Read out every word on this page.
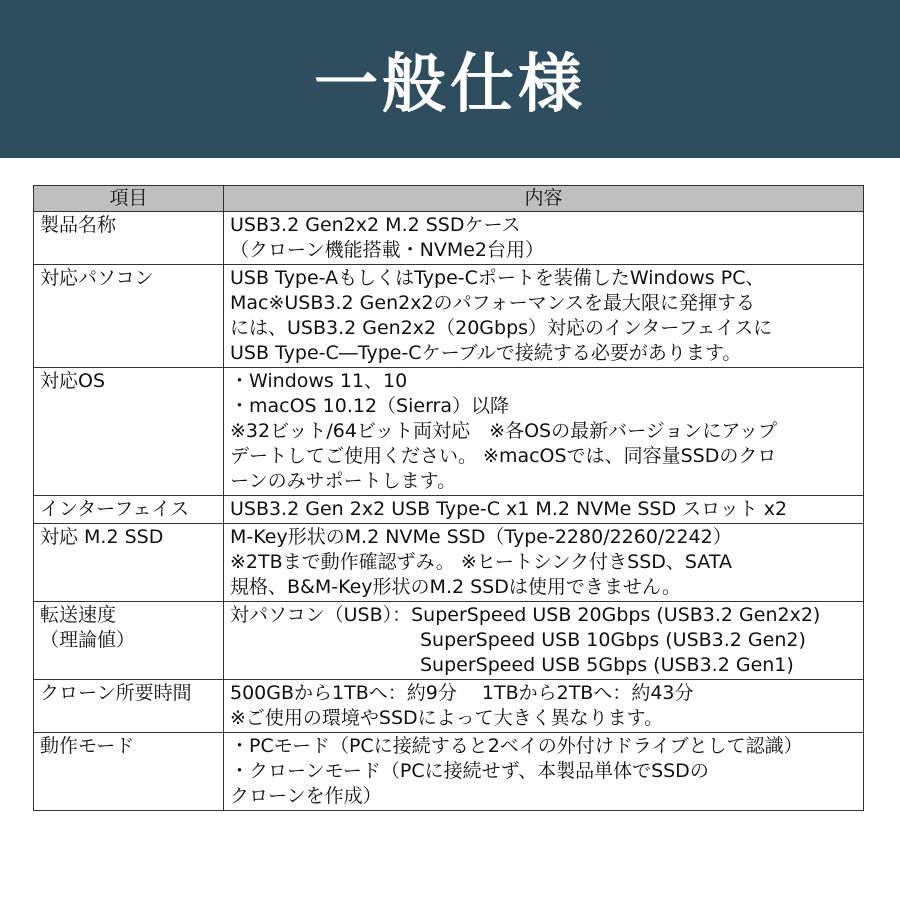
一般仕様
項目	内容

製品名称	USB3.2 Gen2x2 M.2 SSDケース
（クローン機能搭載・NVMe2台用）

対応パソコン	USB Type-AもしくはType-Cポートを装備したWindows PC、
Mac※USB3.2 Gen2x2のパフォーマンスを最大限に発揮する
には、USB3.2 Gen2x2（20Gbps）対応のインターフェイスに
USB Type-C―Type-Cケーブルで接続する必要があります。

対応OS	・Windows 11、10
・macOS 10.12（Sierra）以降
※32ビット/64ビット両対応　※各OSの最新バージョンにアップ
デートしてご使用ください。 ※macOSでは、同容量SSDのクロ
ーンのみサポートします。

インターフェイス	USB3.2 Gen 2x2 USB Type-C x1 M.2 NVMe SSD スロット x2

対応 M.2 SSD	M-Key形状のM.2 NVMe SSD（Type-2280/2260/2242）
※2TBまで動作確認ずみ。 ※ヒートシンク付きSSD、SATA
規格、B&M-Key形状のM.2 SSDは使用できません。

転送速度
（理論値）	対パソコン（USB）：SuperSpeed USB 20Gbps (USB3.2 Gen2x2)
SuperSpeed USB 10Gbps (USB3.2 Gen2)
SuperSpeed USB 5Gbps (USB3.2 Gen1)

クローン所要時間	500GBから1TBへ：約9分　 1TBから2TBへ：約43分
※ご使用の環境やSSDによって大きく異なります。

動作モード	・PCモード（PCに接続すると2ベイの外付けドライブとして認識）
・クローンモード（PCに接続せず、本製品単体でSSDの
クローンを作成）
